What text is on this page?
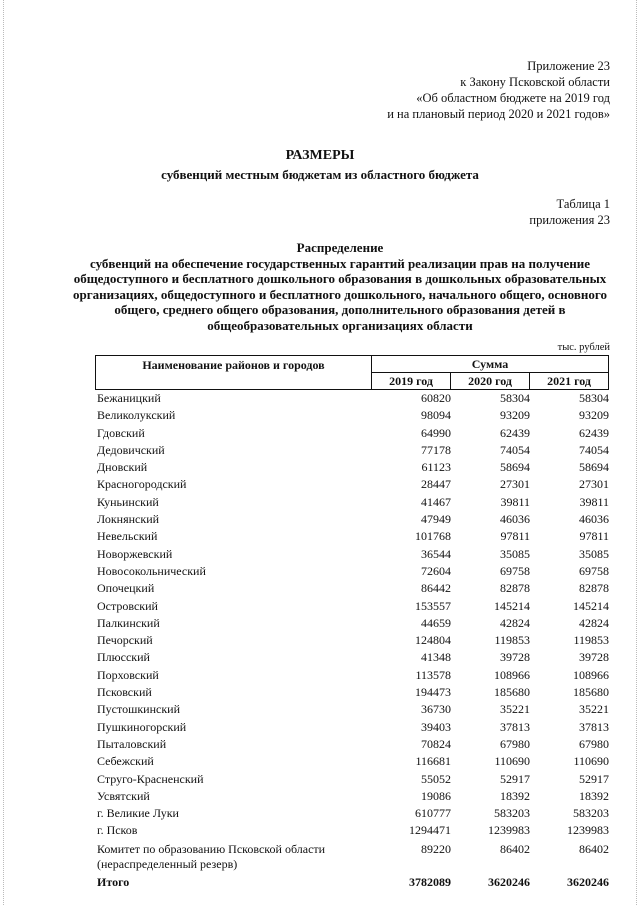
Приложение 23
к Закону Псковской области
«Об областном бюджете на 2019 год
и на плановый период 2020 и 2021 годов»
РАЗМЕРЫ
субвенций местным бюджетам из областного бюджета
Таблица 1
приложения 23
Распределение
субвенций на обеспечение государственных гарантий реализации прав на получение общедоступного и бесплатного дошкольного образования в дошкольных образовательных организациях, общедоступного и бесплатного дошкольного, начального общего, основного общего, среднего общего образования, дополнительного образования детей в общеобразовательных организациях области
тыс. рублей
Наименование районов и городов	Сумма		
	2019 год	2020 год	2021 год
Бежаницкий	60820	58304	58304
Великолукский	98094	93209	93209
Гдовский	64990	62439	62439
Дедовичский	77178	74054	74054
Дновский	61123	58694	58694
Красногородский	28447	27301	27301
Куньинский	41467	39811	39811
Локнянский	47949	46036	46036
Невельский	101768	97811	97811
Новоржевский	36544	35085	35085
Новосокольнический	72604	69758	69758
Опочецкий	86442	82878	82878
Островский	153557	145214	145214
Палкинский	44659	42824	42824
Печорский	124804	119853	119853
Плюсский	41348	39728	39728
Порховский	113578	108966	108966
Псковский	194473	185680	185680
Пустошкинский	36730	35221	35221
Пушкиногорский	39403	37813	37813
Пыталовский	70824	67980	67980
Себежский	116681	110690	110690
Струго-Красненский	55052	52917	52917
Усвятский	19086	18392	18392
г. Великие Луки	610777	583203	583203
г. Псков	1294471	1239983	1239983
Комитет по образованию Псковской области
(нераспределенный резерв)
89220	86402	86402
Итого	3782089	3620246	3620246
